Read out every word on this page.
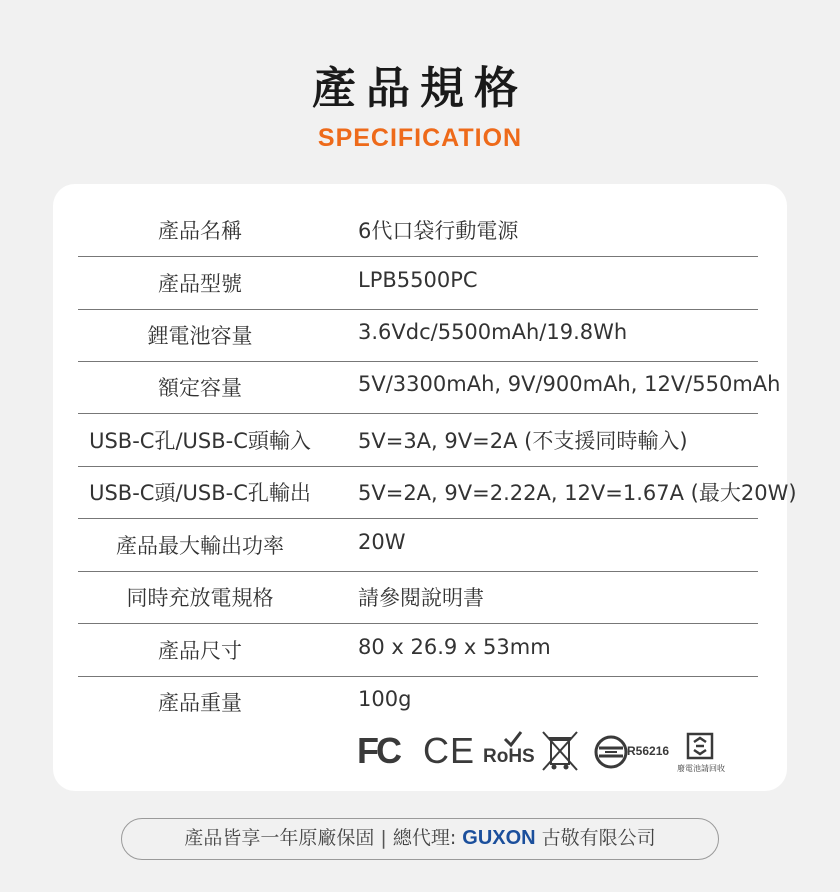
產品規格
SPECIFICATION
產品名稱	6代口袋行動電源
產品型號	LPB5500PC
鋰電池容量	3.6Vdc/5500mAh/19.8Wh
額定容量	5V/3300mAh, 9V/900mAh, 12V/550mAh
USB-C孔/USB-C頭輸入	5V=3A, 9V=2A (不支援同時輸入)
USB-C頭/USB-C孔輸出	5V=2A, 9V=2.22A, 12V=1.67A (最大20W)
產品最大輸出功率	20W
同時充放電規格	請參閱說明書
產品尺寸	80 x 26.9 x 53mm
產品重量	100g
FC CE RoHS	R56216
廢電池請回收
產品皆享一年原廠保固 | 總代理: GUXON 古敬有限公司
